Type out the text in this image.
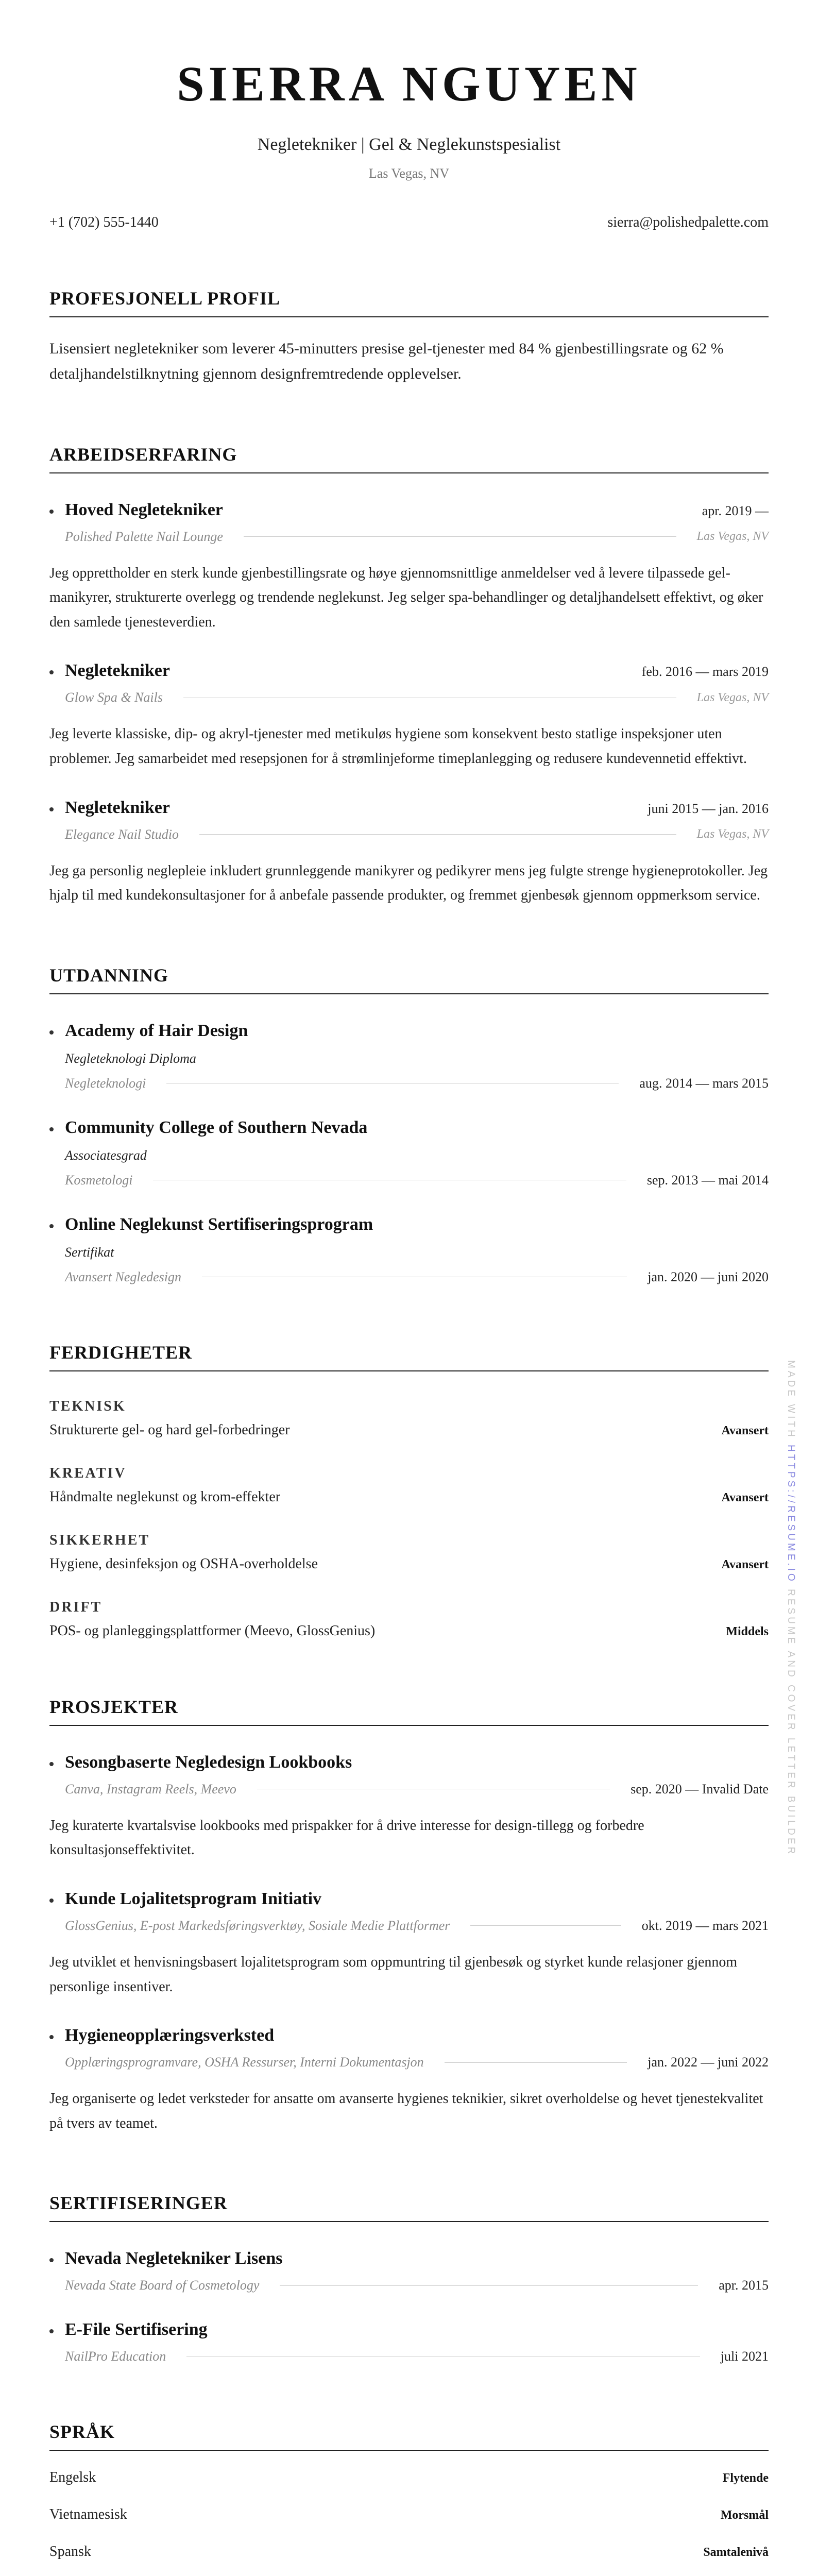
SIERRA NGUYEN
Negletekniker | Gel & Neglekunstspesialist
Las Vegas, NV
+1 (702) 555-1440	sierra@polishedpalette.com
PROFESJONELL PROFIL
Lisensiert negletekniker som leverer 45-minutters presise gel-tjenester med 84 % gjenbestillingsrate og 62 % detaljhandelstilknytning gjennom designfremtredende opplevelser.
ARBEIDSERFARING
Hoved Negletekniker	apr. 2019 —
Polished Palette Nail Lounge	Las Vegas, NV
Jeg opprettholder en sterk kunde gjenbestillingsrate og høye gjennomsnittlige anmeldelser ved å levere tilpassede gel-manikyrer, strukturerte overlegg og trendende neglekunst. Jeg selger spa-behandlinger og detaljhandelsett effektivt, og øker den samlede tjenesteverdien.
Negletekniker	feb. 2016 — mars 2019
Glow Spa & Nails	Las Vegas, NV
Jeg leverte klassiske, dip- og akryl-tjenester med metikuløs hygiene som konsekvent besto statlige inspeksjoner uten problemer. Jeg samarbeidet med resepsjonen for å strømlinjeforme timeplanlegging og redusere kundevennetid effektivt.
Negletekniker	juni 2015 — jan. 2016
Elegance Nail Studio	Las Vegas, NV
Jeg ga personlig neglepleie inkludert grunnleggende manikyrer og pedikyrer mens jeg fulgte strenge hygieneprotokoller. Jeg hjalp til med kundekonsultasjoner for å anbefale passende produkter, og fremmet gjenbesøk gjennom oppmerksom service.
UTDANNING
Academy of Hair Design
Negleteknologi Diploma
Negleteknologi	aug. 2014 — mars 2015
Community College of Southern Nevada
Associatesgrad
Kosmetologi	sep. 2013 — mai 2014
Online Neglekunst Sertifiseringsprogram
Sertifikat
Avansert Negledesign	jan. 2020 — juni 2020
FERDIGHETER
TEKNISK
Strukturerte gel- og hard gel-forbedringer	Avansert
KREATIV
Håndmalte neglekunst og krom-effekter	Avansert
SIKKERHET
Hygiene, desinfeksjon og OSHA-overholdelse	Avansert
DRIFT
POS- og planleggingsplattformer (Meevo, GlossGenius)	Middels
PROSJEKTER
Sesongbaserte Negledesign Lookbooks
Canva, Instagram Reels, Meevo	sep. 2020 — Invalid Date
Jeg kuraterte kvartalsvise lookbooks med prispakker for å drive interesse for design-tillegg og forbedre konsultasjonseffektivitet.
Kunde Lojalitetsprogram Initiativ
GlossGenius, E-post Markedsføringsverktøy, Sosiale Medie Plattformer	okt. 2019 — mars 2021
Jeg utviklet et henvisningsbasert lojalitetsprogram som oppmuntring til gjenbesøk og styrket kunde relasjoner gjennom personlige insentiver.
Hygieneopplæringsverksted
Opplæringsprogramvare, OSHA Ressurser, Interni Dokumentasjon	jan. 2022 — juni 2022
Jeg organiserte og ledet verksteder for ansatte om avanserte hygienes teknikier, sikret overholdelse og hevet tjenestekvalitet på tvers av teamet.
SERTIFISERINGER
Nevada Negletekniker Lisens
Nevada State Board of Cosmetology	apr. 2015
E-File Sertifisering
NailPro Education	juli 2021
SPRÅK
Engelsk	Flytende
Vietnamesisk	Morsmål
Spansk	Samtalenivå
MADE WITH HTTPS://RESUME.IO RESUME AND COVER LETTER BUILDER
